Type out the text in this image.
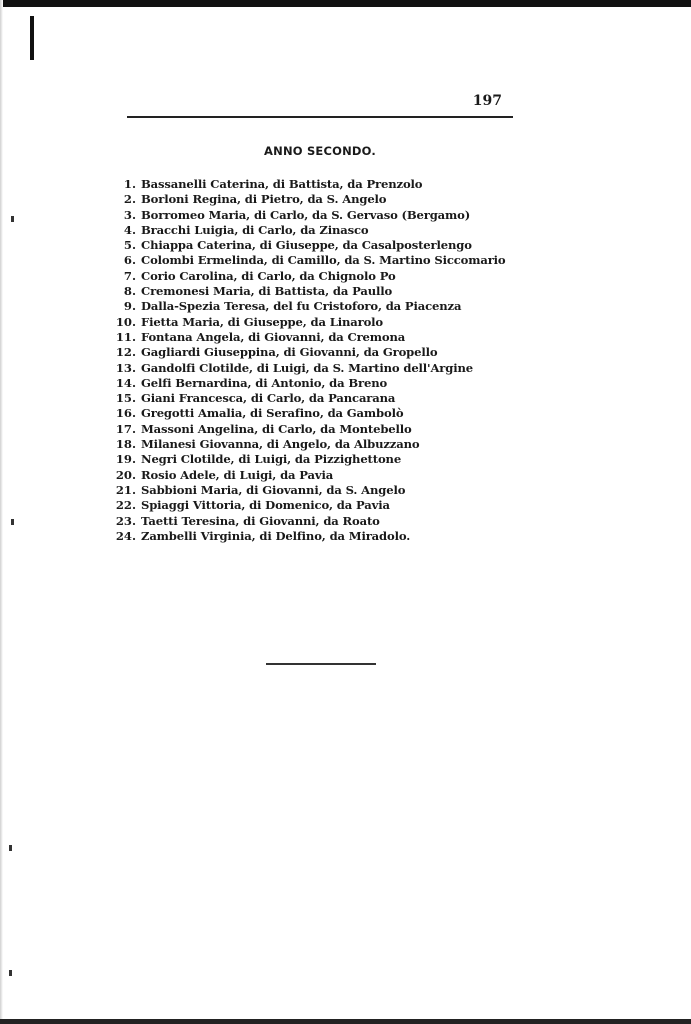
197
ANNO SECONDO.
1. Bassanelli Caterina, di Battista, da Prenzolo
2. Borloni Regina, di Pietro, da S. Angelo
3. Borromeo Maria, di Carlo, da S. Gervaso (Bergamo)
4. Bracchi Luigia, di Carlo, da Zinasco
5. Chiappa Caterina, di Giuseppe, da Casalposterlengo
6. Colombi Ermelinda, di Camillo, da S. Martino Siccomario
7. Corio Carolina, di Carlo, da Chignolo Po
8. Cremonesi Maria, di Battista, da Paullo
9. Dalla-Spezia Teresa, del fu Cristoforo, da Piacenza
10. Fietta Maria, di Giuseppe, da Linarolo
11. Fontana Angela, di Giovanni, da Cremona
12. Gagliardi Giuseppina, di Giovanni, da Gropello
13. Gandolfi Clotilde, di Luigi, da S. Martino dell'Argine
14. Gelfi Bernardina, di Antonio, da Breno
15. Giani Francesca, di Carlo, da Pancarana
16. Gregotti Amalia, di Serafino, da Gambolò
17. Massoni Angelina, di Carlo, da Montebello
18. Milanesi Giovanna, di Angelo, da Albuzzano
19. Negri Clotilde, di Luigi, da Pizzighettone
20. Rosio Adele, di Luigi, da Pavia
21. Sabbioni Maria, di Giovanni, da S. Angelo
22. Spiaggi Vittoria, di Domenico, da Pavia
23. Taetti Teresina, di Giovanni, da Roato
24. Zambelli Virginia, di Delfino, da Miradolo.
